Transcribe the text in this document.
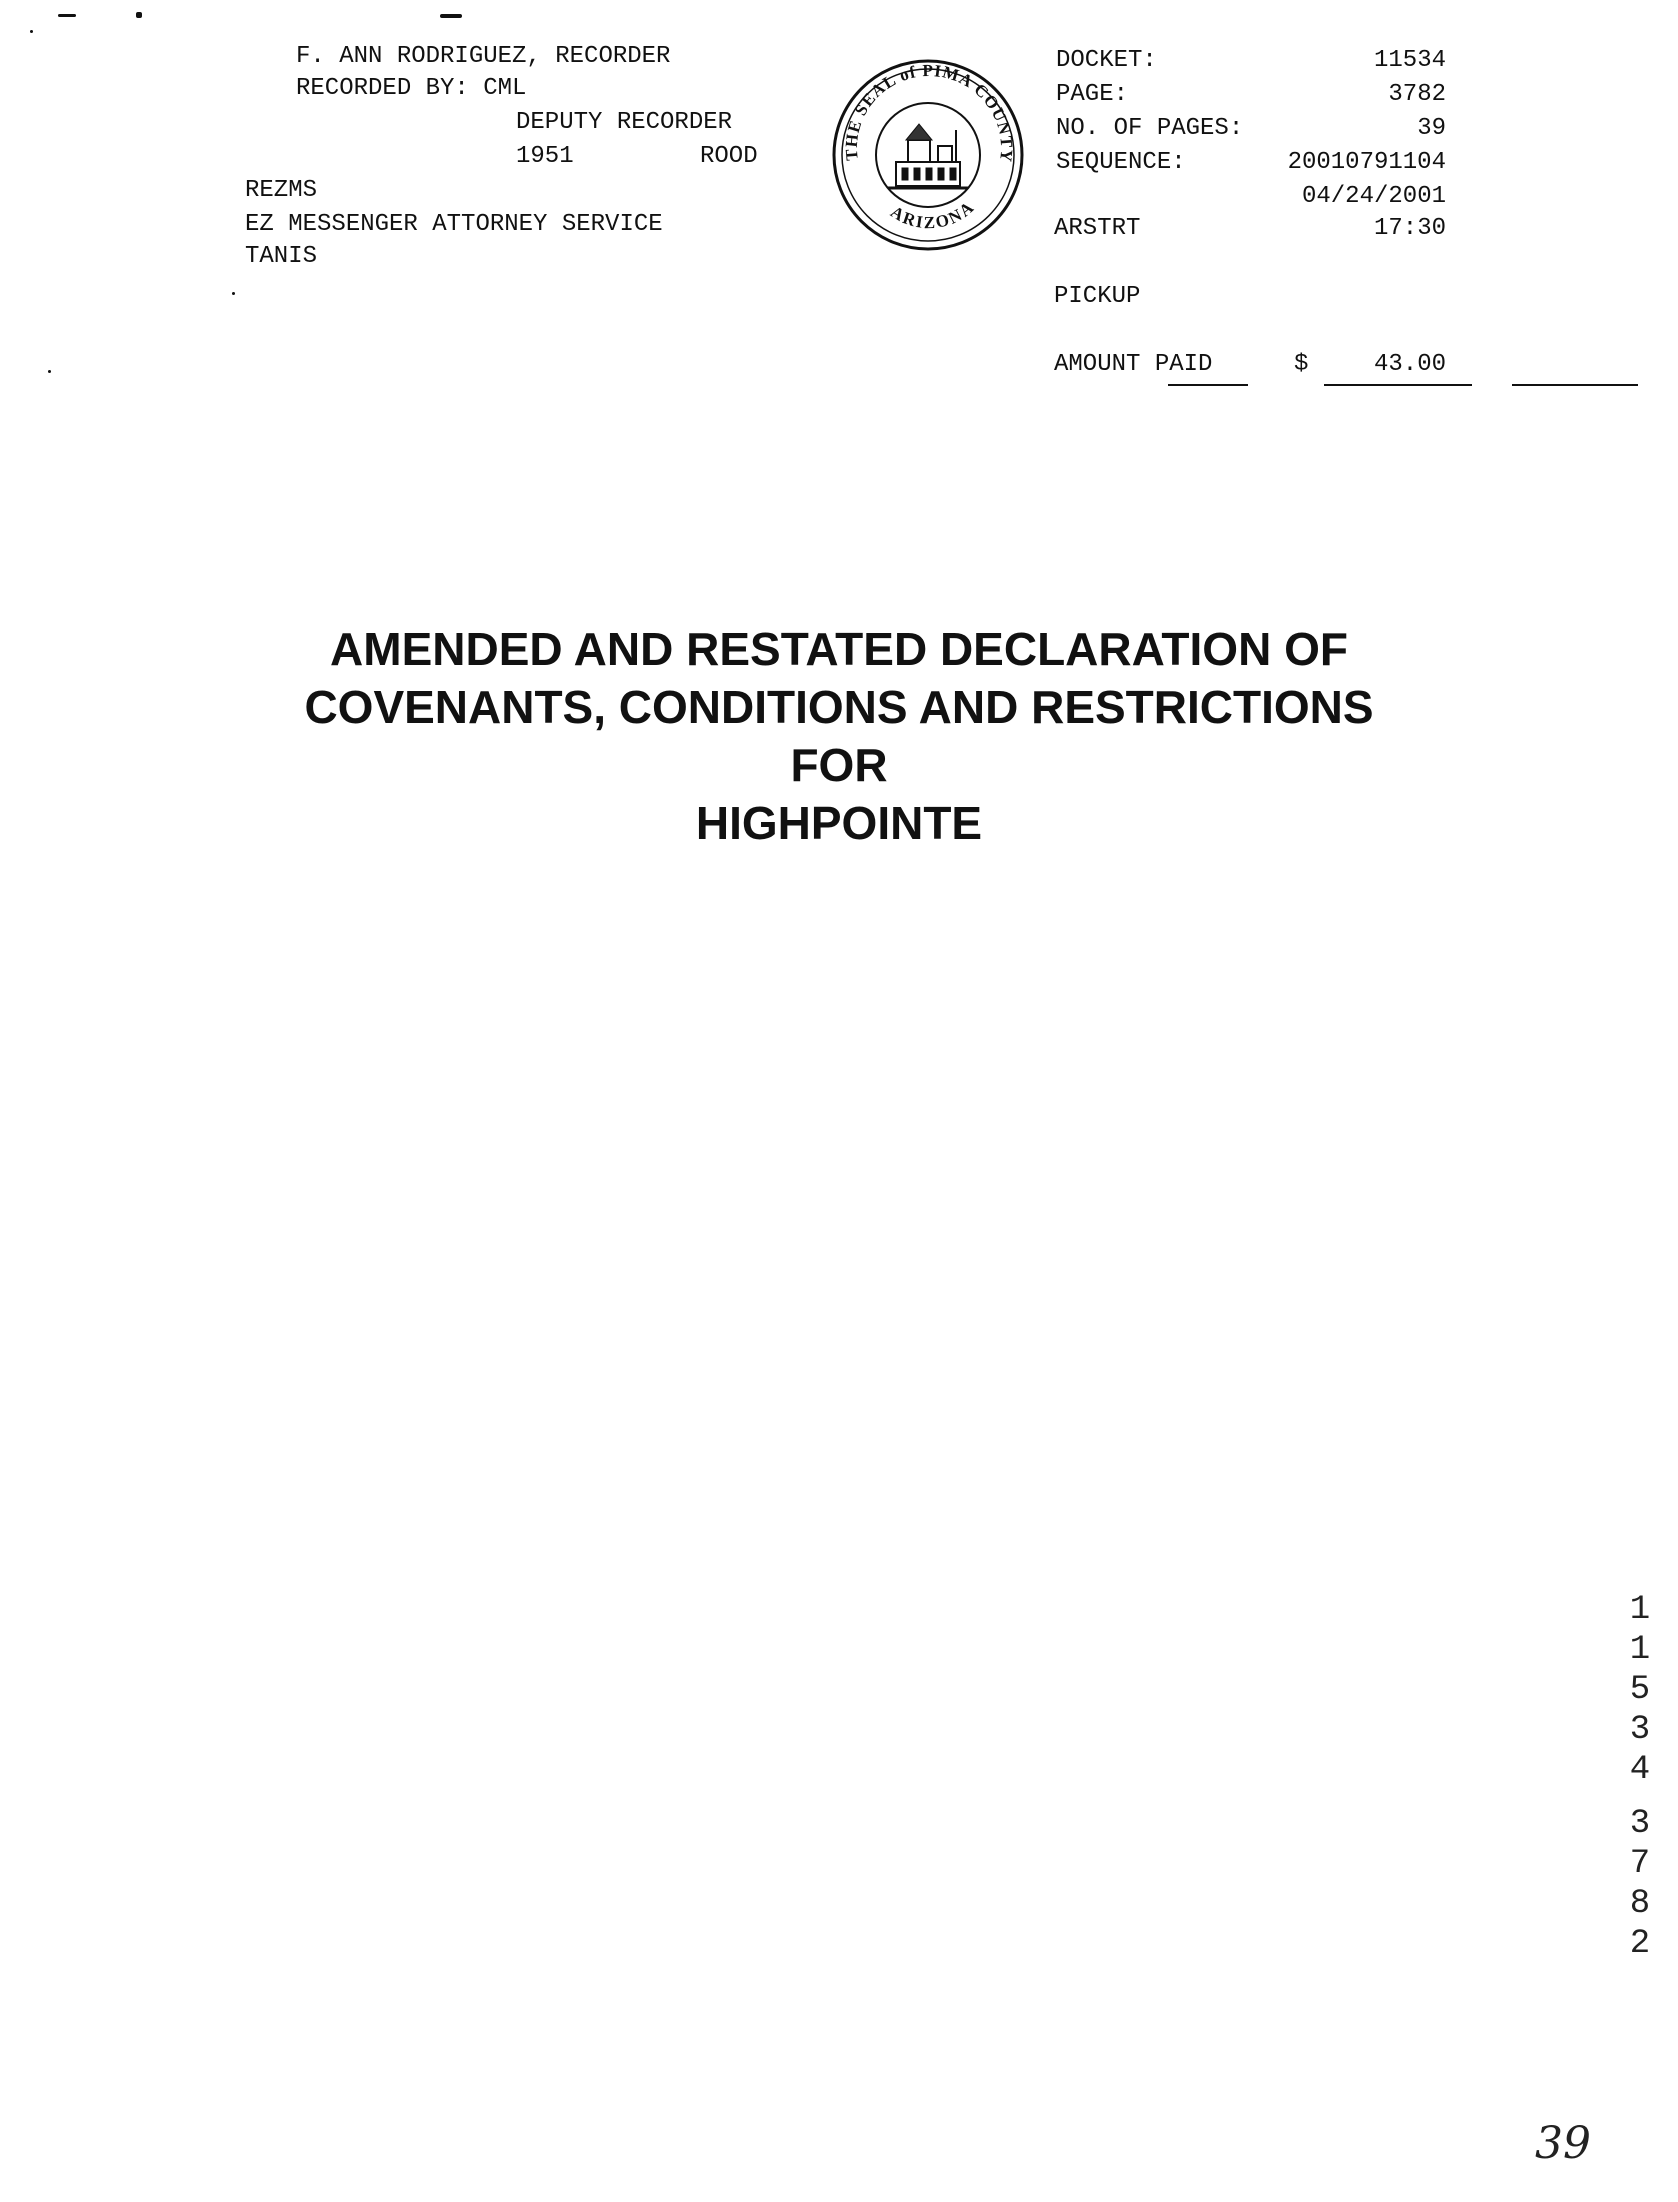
F. ANN RODRIGUEZ, RECORDER
RECORDED BY: CML
DEPUTY RECORDER
1951	ROOD
REZMS
EZ MESSENGER ATTORNEY SERVICE
TANIS
THE SEAL of PIMA COUNTY
ARIZONA
DOCKET:	11534
PAGE:	3782
NO. OF PAGES:	39
SEQUENCE:	20010791104
04/24/2001
ARSTRT	17:30
PICKUP
AMOUNT PAID	$	43.00
AMENDED AND RESTATED DECLARATION OF
COVENANTS, CONDITIONS AND RESTRICTIONS
FOR
HIGHPOINTE
1
1
5
3
4
3
7
8
2
39
